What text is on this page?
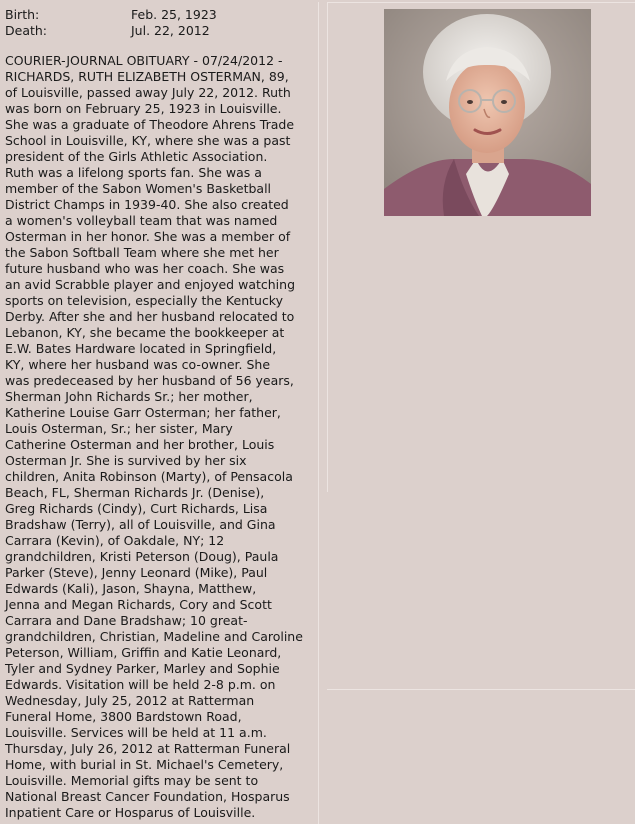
Birth:	Feb. 25, 1923
Death:	Jul. 22, 2012

COURIER-JOURNAL OBITUARY - 07/24/2012 -
RICHARDS, RUTH ELIZABETH OSTERMAN, 89,
of Louisville, passed away July 22, 2012. Ruth
was born on February 25, 1923 in Louisville.
She was a graduate of Theodore Ahrens Trade
School in Louisville, KY, where she was a past
president of the Girls Athletic Association.
Ruth was a lifelong sports fan. She was a
member of the Sabon Women's Basketball
District Champs in 1939-40. She also created
a women's volleyball team that was named
Osterman in her honor. She was a member of
the Sabon Softball Team where she met her
future husband who was her coach. She was
an avid Scrabble player and enjoyed watching
sports on television, especially the Kentucky
Derby. After she and her husband relocated to
Lebanon, KY, she became the bookkeeper at
E.W. Bates Hardware located in Springfield,
KY, where her husband was co-owner. She
was predeceased by her husband of 56 years,
Sherman John Richards Sr.; her mother,
Katherine Louise Garr Osterman; her father,
Louis Osterman, Sr.; her sister, Mary
Catherine Osterman and her brother, Louis
Osterman Jr. She is survived by her six
children, Anita Robinson (Marty), of Pensacola
Beach, FL, Sherman Richards Jr. (Denise),
Greg Richards (Cindy), Curt Richards, Lisa
Bradshaw (Terry), all of Louisville, and Gina
Carrara (Kevin), of Oakdale, NY; 12
grandchildren, Kristi Peterson (Doug), Paula
Parker (Steve), Jenny Leonard (Mike), Paul
Edwards (Kali), Jason, Shayna, Matthew,
Jenna and Megan Richards, Cory and Scott
Carrara and Dane Bradshaw; 10 great-
grandchildren, Christian, Madeline and Caroline
Peterson, William, Griffin and Katie Leonard,
Tyler and Sydney Parker, Marley and Sophie
Edwards. Visitation will be held 2-8 p.m. on
Wednesday, July 25, 2012 at Ratterman
Funeral Home, 3800 Bardstown Road,
Louisville. Services will be held at 11 a.m.
Thursday, July 26, 2012 at Ratterman Funeral
Home, with burial in St. Michael's Cemetery,
Louisville. Memorial gifts may be sent to
National Breast Cancer Foundation, Hosparus
Inpatient Care or Hosparus of Louisville.
